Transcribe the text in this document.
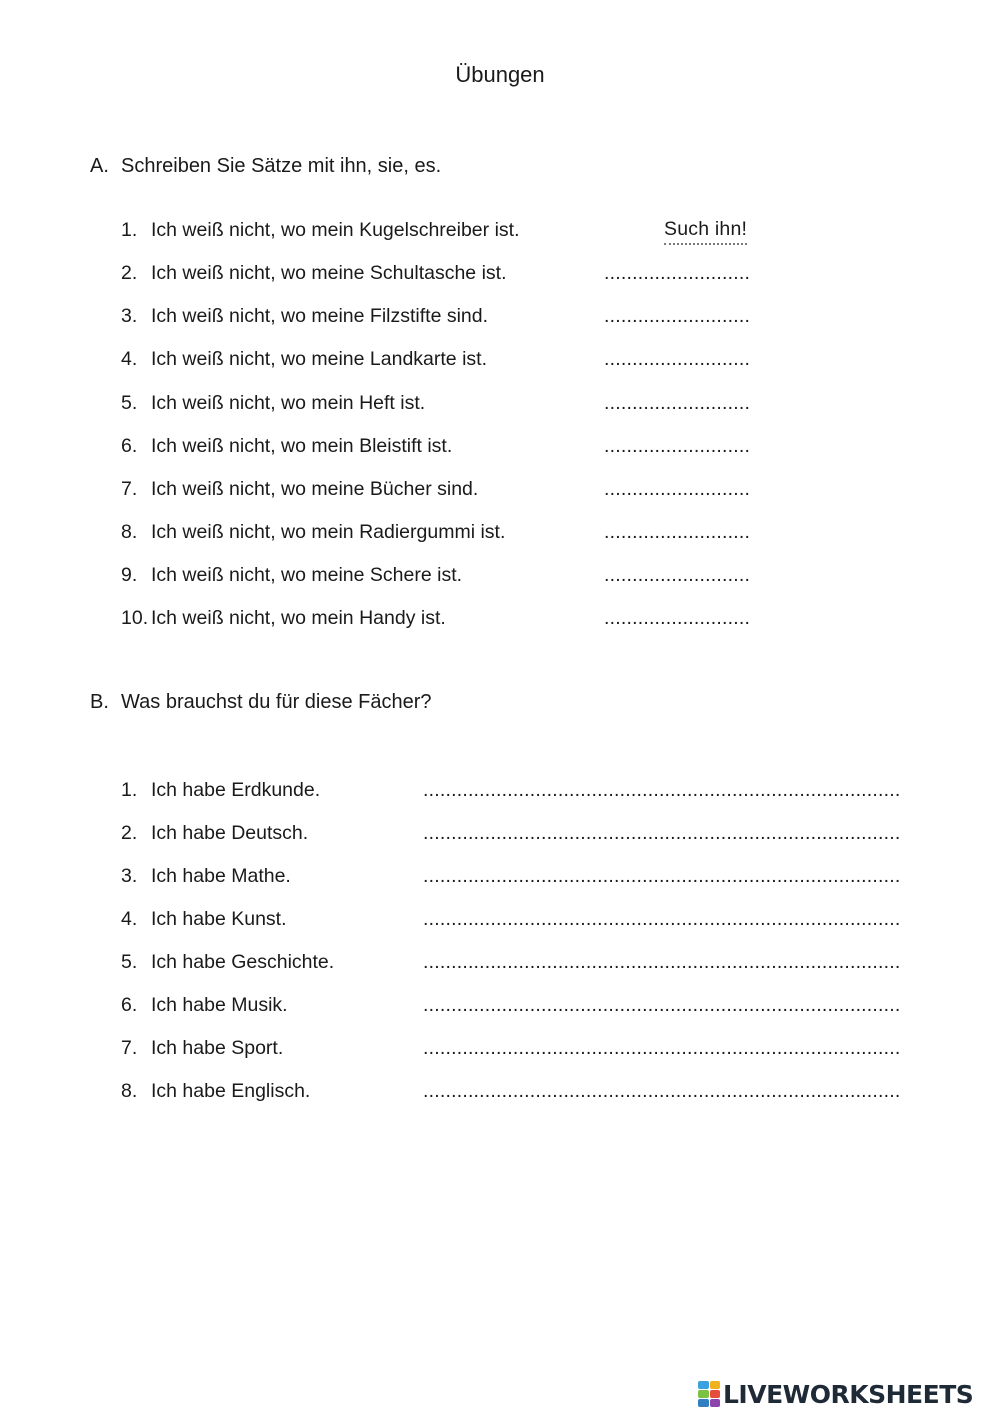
Übungen
A. Schreiben Sie Sätze mit ihn, sie, es.
1. Ich weiß nicht, wo mein Kugelschreiber ist.	Such ihn!
2. Ich weiß nicht, wo meine Schultasche ist.	..........................
3. Ich weiß nicht, wo meine Filzstifte sind.	..........................
4. Ich weiß nicht, wo meine Landkarte ist.	..........................
5. Ich weiß nicht, wo mein Heft ist.	..........................
6. Ich weiß nicht, wo mein Bleistift ist.	..........................
7. Ich weiß nicht, wo meine Bücher sind.	..........................
8. Ich weiß nicht, wo mein Radiergummi ist.	..........................
9. Ich weiß nicht, wo meine Schere ist.	..........................
10. Ich weiß nicht, wo mein Handy ist.	..........................
B. Was brauchst du für diese Fächer?
1. Ich habe Erdkunde.	.....................................................................................
2. Ich habe Deutsch.	.....................................................................................
3. Ich habe Mathe.	.....................................................................................
4. Ich habe Kunst.	.....................................................................................
5. Ich habe Geschichte.	.....................................................................................
6. Ich habe Musik.	.....................................................................................
7. Ich habe Sport.	.....................................................................................
8. Ich habe Englisch.	.....................................................................................
LIVEWORKSHEETS
